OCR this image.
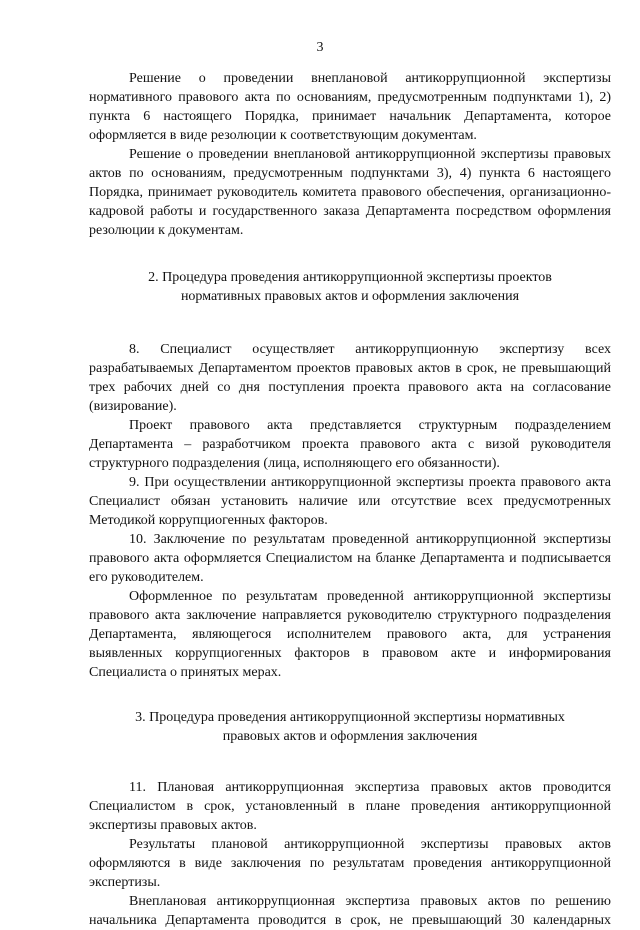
3

Решение о проведении внеплановой антикоррупционной экспертизы нормативного правового акта по основаниям, предусмотренным подпунктами 1), 2) пункта 6 настоящего Порядка, принимает начальник Департамента, которое оформляется в виде резолюции к соответствующим документам.

Решение о проведении внеплановой антикоррупционной экспертизы правовых актов по основаниям, предусмотренным подпунктами 3), 4) пункта 6 настоящего Порядка, принимает руководитель комитета правового обеспечения, организационно-кадровой работы и государственного заказа Департамента посредством оформления резолюции к документам.

2. Процедура проведения антикоррупционной экспертизы проектов

нормативных правовых актов и оформления заключения

8. Специалист осуществляет антикоррупционную экспертизу всех разрабатываемых Департаментом проектов правовых актов в срок, не превышающий трех рабочих дней со дня поступления проекта правового акта на согласование (визирование).

Проект правового акта представляется структурным подразделением Департамента – разработчиком проекта правового акта с визой руководителя структурного подразделения (лица, исполняющего его обязанности).

9. При осуществлении антикоррупционной экспертизы проекта правового акта Специалист обязан установить наличие или отсутствие всех предусмотренных Методикой коррупциогенных факторов.

10. Заключение по результатам проведенной антикоррупционной экспертизы правового акта оформляется Специалистом на бланке Департамента и подписывается его руководителем.

Оформленное по результатам проведенной антикоррупционной экспертизы правового акта заключение направляется руководителю структурного подразделения Департамента, являющегося исполнителем правового акта, для устранения выявленных коррупциогенных факторов в правовом акте и информирования Специалиста о принятых мерах.

3. Процедура проведения антикоррупционной экспертизы нормативных

правовых актов и оформления заключения

11. Плановая антикоррупционная экспертиза правовых актов проводится Специалистом в срок, установленный в плане проведения антикоррупционной экспертизы правовых актов.

Результаты плановой антикоррупционной экспертизы правовых актов оформляются в виде заключения по результатам проведения антикоррупционной экспертизы.

Внеплановая антикоррупционная экспертиза правовых актов по решению начальника Департамента проводится в срок, не превышающий 30 календарных
